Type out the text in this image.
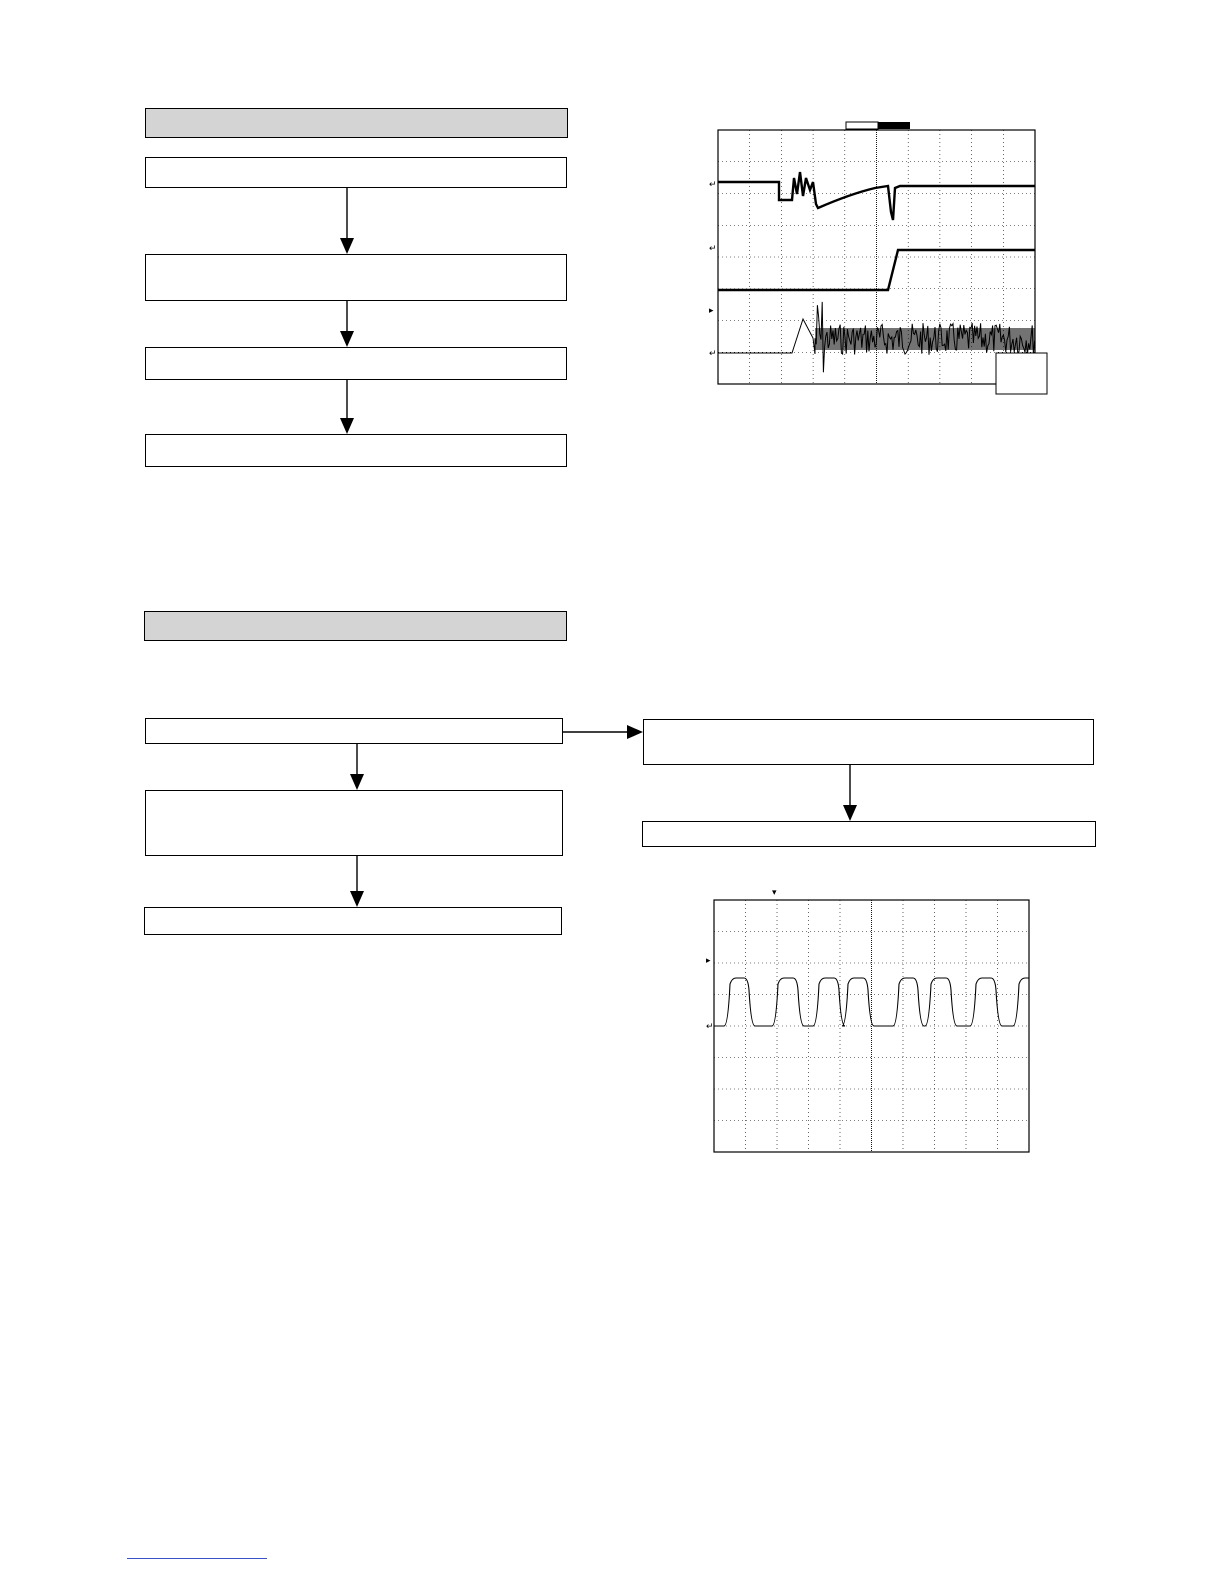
↵
↵
▸
↵
▾
▸
↵
